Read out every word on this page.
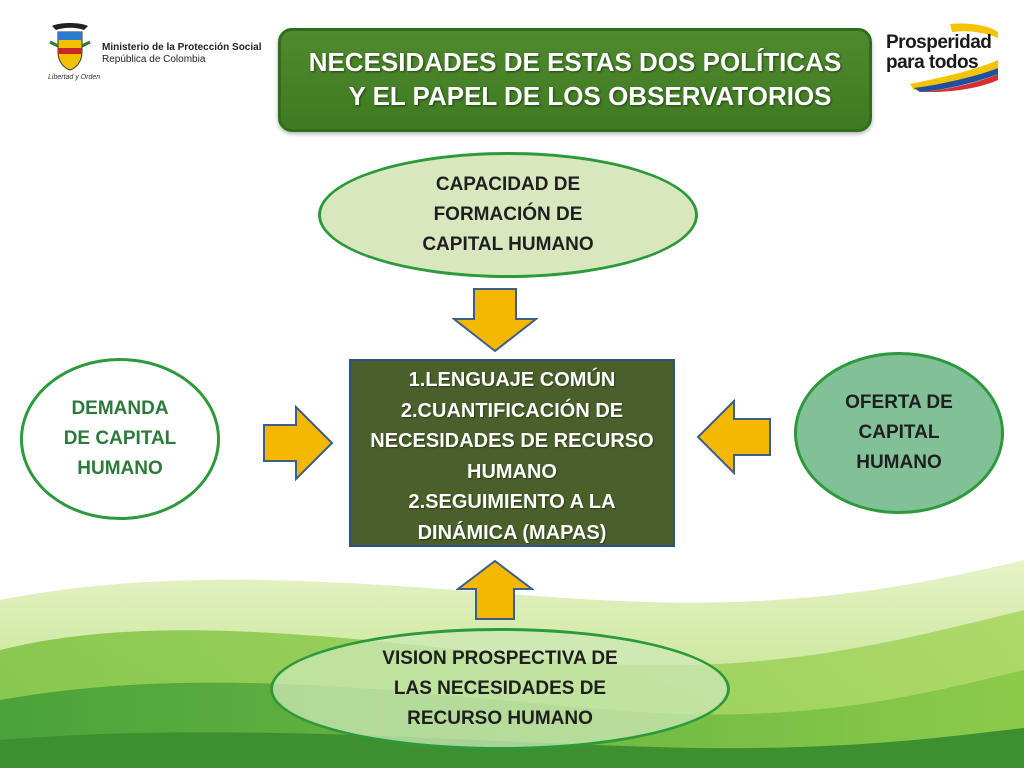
Libertad y Orden
Ministerio de la Protección Social
República de Colombia
Prosperidad
para todos
NECESIDADES DE ESTAS DOS POLÍTICAS
Y EL PAPEL DE LOS OBSERVATORIOS
CAPACIDAD DE
FORMACIÓN DE
CAPITAL HUMANO
DEMANDA
DE CAPITAL
HUMANO
OFERTA DE
CAPITAL
HUMANO
1.LENGUAJE COMÚN
2.CUANTIFICACIÓN DE
NECESIDADES DE RECURSO
HUMANO
2.SEGUIMIENTO A LA
DINÁMICA (MAPAS)
VISION PROSPECTIVA DE
LAS NECESIDADES DE
RECURSO HUMANO
